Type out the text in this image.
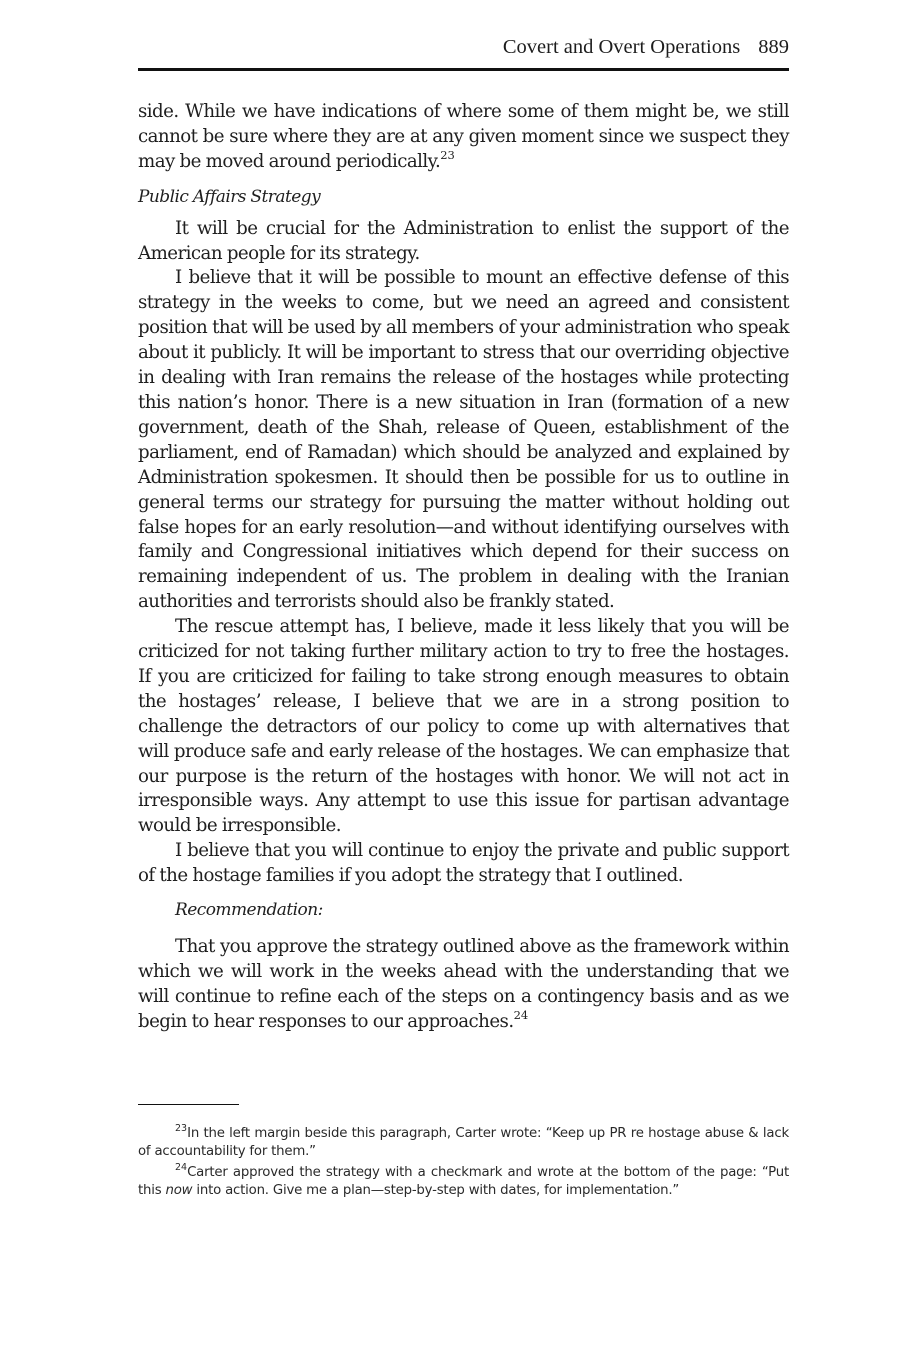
Covert and Overt Operations 889

side. While we have indications of where some of them might be, we still cannot be sure where they are at any given moment since we suspect they may be moved around periodically.$^{23}$

Public Affairs Strategy

It will be crucial for the Administration to enlist the support of the American people for its strategy.

I believe that it will be possible to mount an effective defense of this strategy in the weeks to come, but we need an agreed and consistent position that will be used by all members of your administration who speak about it publicly. It will be important to stress that our overriding objective in dealing with Iran remains the release of the hostages while protecting this nation’s honor. There is a new situation in Iran (formation of a new government, death of the Shah, release of Queen, establishment of the parliament, end of Ramadan) which should be analyzed and explained by Administration spokesmen. It should then be possible for us to outline in general terms our strategy for pursuing the matter without holding out false hopes for an early resolution—and without identifying ourselves with family and Congressional initiatives which depend for their success on remaining independent of us. The problem in dealing with the Iranian authorities and terrorists should also be frankly stated.

The rescue attempt has, I believe, made it less likely that you will be criticized for not taking further military action to try to free the hostages. If you are criticized for failing to take strong enough measures to obtain the hostages’ release, I believe that we are in a strong position to challenge the detractors of our policy to come up with alternatives that will produce safe and early release of the hostages. We can emphasize that our purpose is the return of the hostages with honor. We will not act in irresponsible ways. Any attempt to use this issue for partisan advantage would be irresponsible.

I believe that you will continue to enjoy the private and public support of the hostage families if you adopt the strategy that I outlined.

Recommendation:

That you approve the strategy outlined above as the framework within which we will work in the weeks ahead with the understanding that we will continue to refine each of the steps on a contingency basis and as we begin to hear responses to our approaches.$^{24}$

$^{23}$In the left margin beside this paragraph, Carter wrote: “Keep up PR re hostage abuse & lack of accountability for them.”

$^{24}$Carter approved the strategy with a checkmark and wrote at the bottom of the page: “Put this now into action. Give me a plan—step-by-step with dates, for implementation.”
